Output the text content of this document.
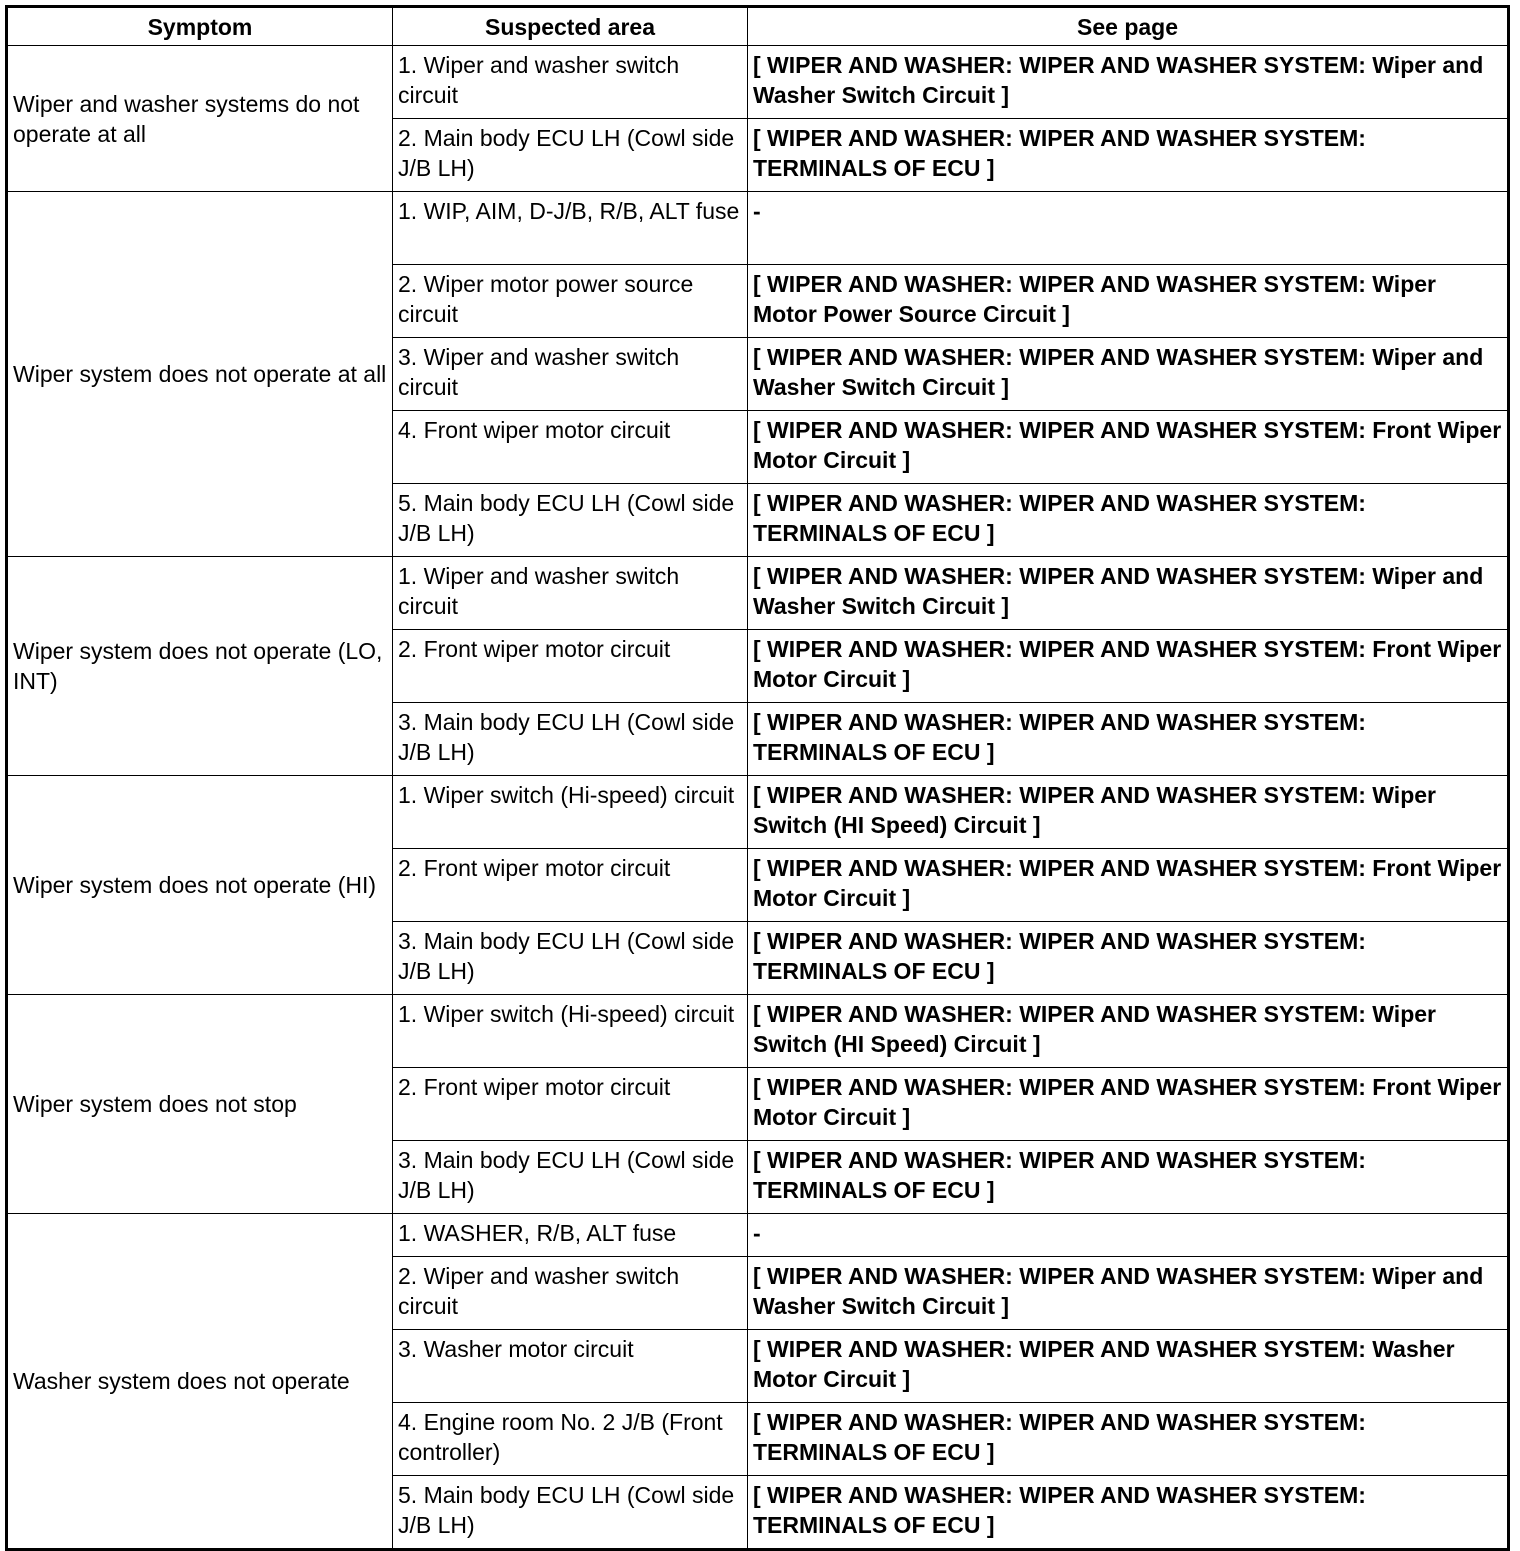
Symptom	Suspected area	See page
Wiper and washer systems do not operate at all	1. Wiper and washer switch circuit	[ WIPER AND WASHER: WIPER AND WASHER SYSTEM: Wiper and Washer Switch Circuit ]
	2. Main body ECU LH (Cowl side J/B LH)	[ WIPER AND WASHER: WIPER AND WASHER SYSTEM: TERMINALS OF ECU ]
Wiper system does not operate at all	1. WIP, AIM, D-J/B, R/B, ALT fuse	-
	2. Wiper motor power source circuit	[ WIPER AND WASHER: WIPER AND WASHER SYSTEM: Wiper Motor Power Source Circuit ]
	3. Wiper and washer switch circuit	[ WIPER AND WASHER: WIPER AND WASHER SYSTEM: Wiper and Washer Switch Circuit ]
	4. Front wiper motor circuit	[ WIPER AND WASHER: WIPER AND WASHER SYSTEM: Front Wiper Motor Circuit ]
	5. Main body ECU LH (Cowl side J/B LH)	[ WIPER AND WASHER: WIPER AND WASHER SYSTEM: TERMINALS OF ECU ]
Wiper system does not operate (LO, INT)	1. Wiper and washer switch circuit	[ WIPER AND WASHER: WIPER AND WASHER SYSTEM: Wiper and Washer Switch Circuit ]
	2. Front wiper motor circuit	[ WIPER AND WASHER: WIPER AND WASHER SYSTEM: Front Wiper Motor Circuit ]
	3. Main body ECU LH (Cowl side J/B LH)	[ WIPER AND WASHER: WIPER AND WASHER SYSTEM: TERMINALS OF ECU ]
Wiper system does not operate (HI)	1. Wiper switch (Hi-speed) circuit	[ WIPER AND WASHER: WIPER AND WASHER SYSTEM: Wiper Switch (HI Speed) Circuit ]
	2. Front wiper motor circuit	[ WIPER AND WASHER: WIPER AND WASHER SYSTEM: Front Wiper Motor Circuit ]
	3. Main body ECU LH (Cowl side J/B LH)	[ WIPER AND WASHER: WIPER AND WASHER SYSTEM: TERMINALS OF ECU ]
Wiper system does not stop	1. Wiper switch (Hi-speed) circuit	[ WIPER AND WASHER: WIPER AND WASHER SYSTEM: Wiper Switch (HI Speed) Circuit ]
	2. Front wiper motor circuit	[ WIPER AND WASHER: WIPER AND WASHER SYSTEM: Front Wiper Motor Circuit ]
	3. Main body ECU LH (Cowl side J/B LH)	[ WIPER AND WASHER: WIPER AND WASHER SYSTEM: TERMINALS OF ECU ]
Washer system does not operate	1. WASHER, R/B, ALT fuse	-
	2. Wiper and washer switch circuit	[ WIPER AND WASHER: WIPER AND WASHER SYSTEM: Wiper and Washer Switch Circuit ]
	3. Washer motor circuit	[ WIPER AND WASHER: WIPER AND WASHER SYSTEM: Washer Motor Circuit ]
	4. Engine room No. 2 J/B (Front controller)	[ WIPER AND WASHER: WIPER AND WASHER SYSTEM: TERMINALS OF ECU ]
	5. Main body ECU LH (Cowl side J/B LH)	[ WIPER AND WASHER: WIPER AND WASHER SYSTEM: TERMINALS OF ECU ]
